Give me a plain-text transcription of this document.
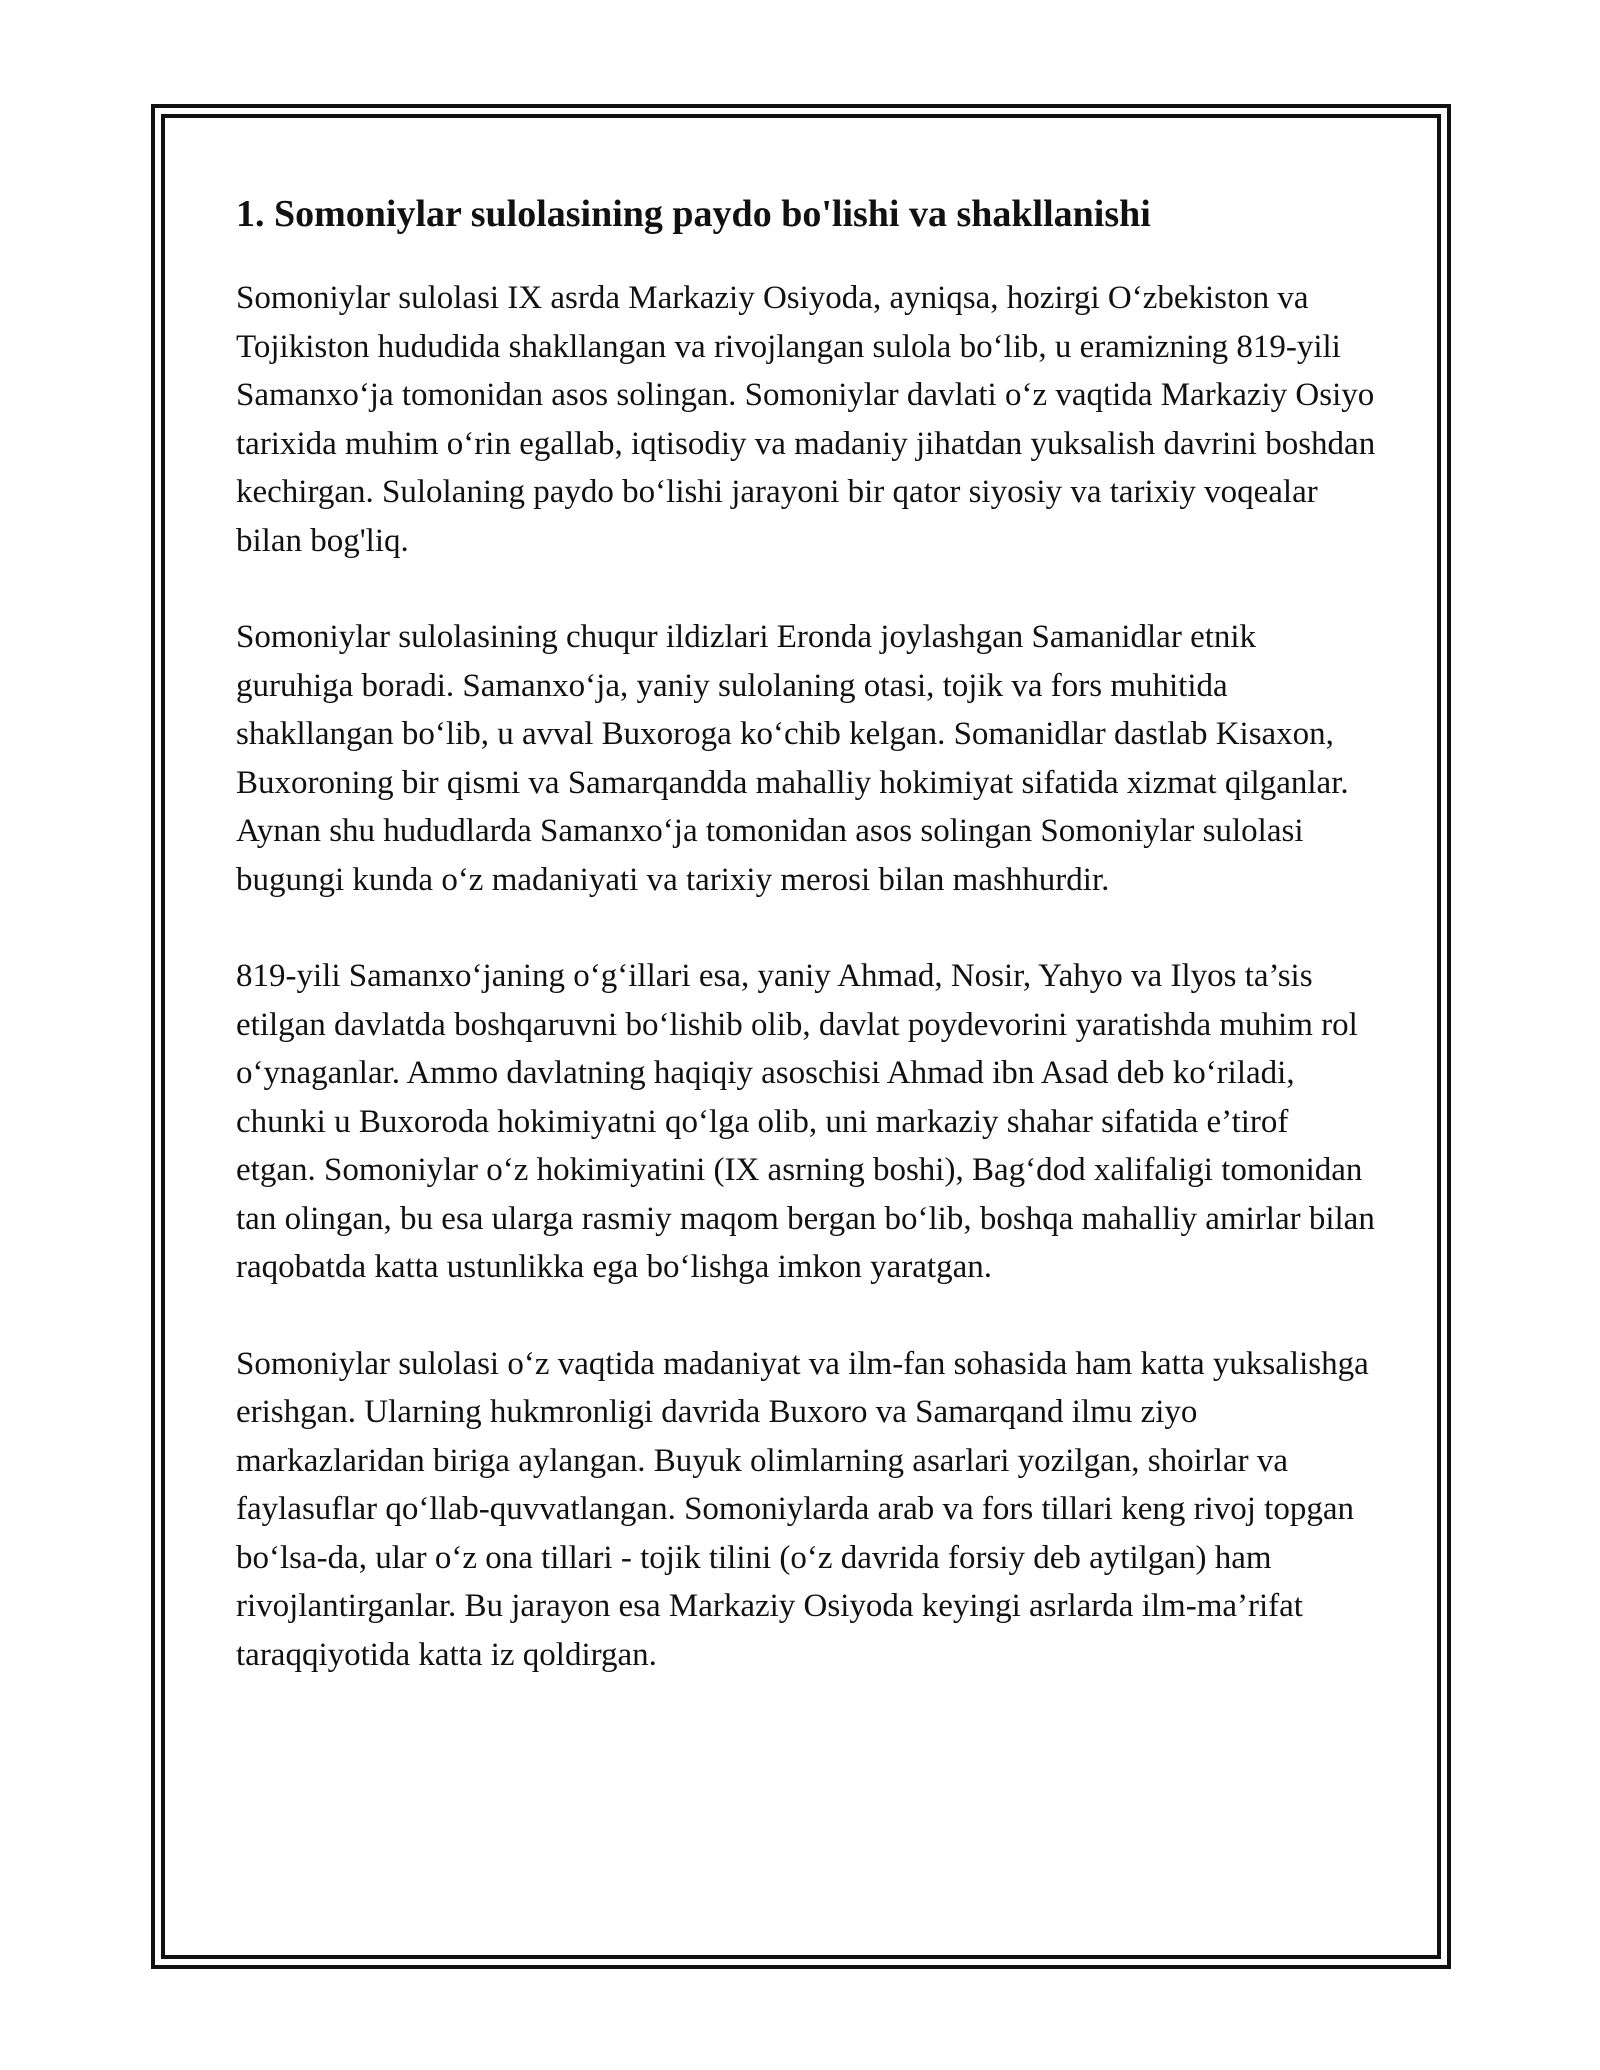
1. Somoniylar sulolasining paydo bo'lishi va shakllanishi

Somoniylar sulolasi IX asrda Markaziy Osiyoda, ayniqsa, hozirgi O‘zbekiston va Tojikiston hududida shakllangan va rivojlangan sulola bo‘lib, u eramizning 819-yili Samanxo‘ja tomonidan asos solingan. Somoniylar davlati o‘z vaqtida Markaziy Osiyo tarixida muhim o‘rin egallab, iqtisodiy va madaniy jihatdan yuksalish davrini boshdan kechirgan. Sulolaning paydo bo‘lishi jarayoni bir qator siyosiy va tarixiy voqealar bilan bog'liq.

Somoniylar sulolasining chuqur ildizlari Eronda joylashgan Samanidlar etnik guruhiga boradi. Samanxo‘ja, yaniy sulolaning otasi, tojik va fors muhitida shakllangan bo‘lib, u avval Buxoroga ko‘chib kelgan. Somanidlar dastlab Kisaxon, Buxoroning bir qismi va Samarqandda mahalliy hokimiyat sifatida xizmat qilganlar. Aynan shu hududlarda Samanxo‘ja tomonidan asos solingan Somoniylar sulolasi bugungi kunda o‘z madaniyati va tarixiy merosi bilan mashhurdir.

819-yili Samanxo‘janing o‘g‘illari esa, yaniy Ahmad, Nosir, Yahyo va Ilyos ta’sis etilgan davlatda boshqaruvni bo‘lishib olib, davlat poydevorini yaratishda muhim rol o‘ynaganlar. Ammo davlatning haqiqiy asoschisi Ahmad ibn Asad deb ko‘riladi, chunki u Buxoroda hokimiyatni qo‘lga olib, uni markaziy shahar sifatida e’tirof etgan. Somoniylar o‘z hokimiyatini (IX asrning boshi), Bag‘dod xalifaligi tomonidan tan olingan, bu esa ularga rasmiy maqom bergan bo‘lib, boshqa mahalliy amirlar bilan raqobatda katta ustunlikka ega bo‘lishga imkon yaratgan.

Somoniylar sulolasi o‘z vaqtida madaniyat va ilm-fan sohasida ham katta yuksalishga erishgan. Ularning hukmronligi davrida Buxoro va Samarqand ilmu ziyo markazlaridan biriga aylangan. Buyuk olimlarning asarlari yozilgan, shoirlar va faylasuflar qo‘llab-quvvatlangan. Somoniylarda arab va fors tillari keng rivoj topgan bo‘lsa-da, ular o‘z ona tillari - tojik tilini (o‘z davrida forsiy deb aytilgan) ham rivojlantirganlar. Bu jarayon esa Markaziy Osiyoda keyingi asrlarda ilm-ma’rifat taraqqiyotida katta iz qoldirgan.
